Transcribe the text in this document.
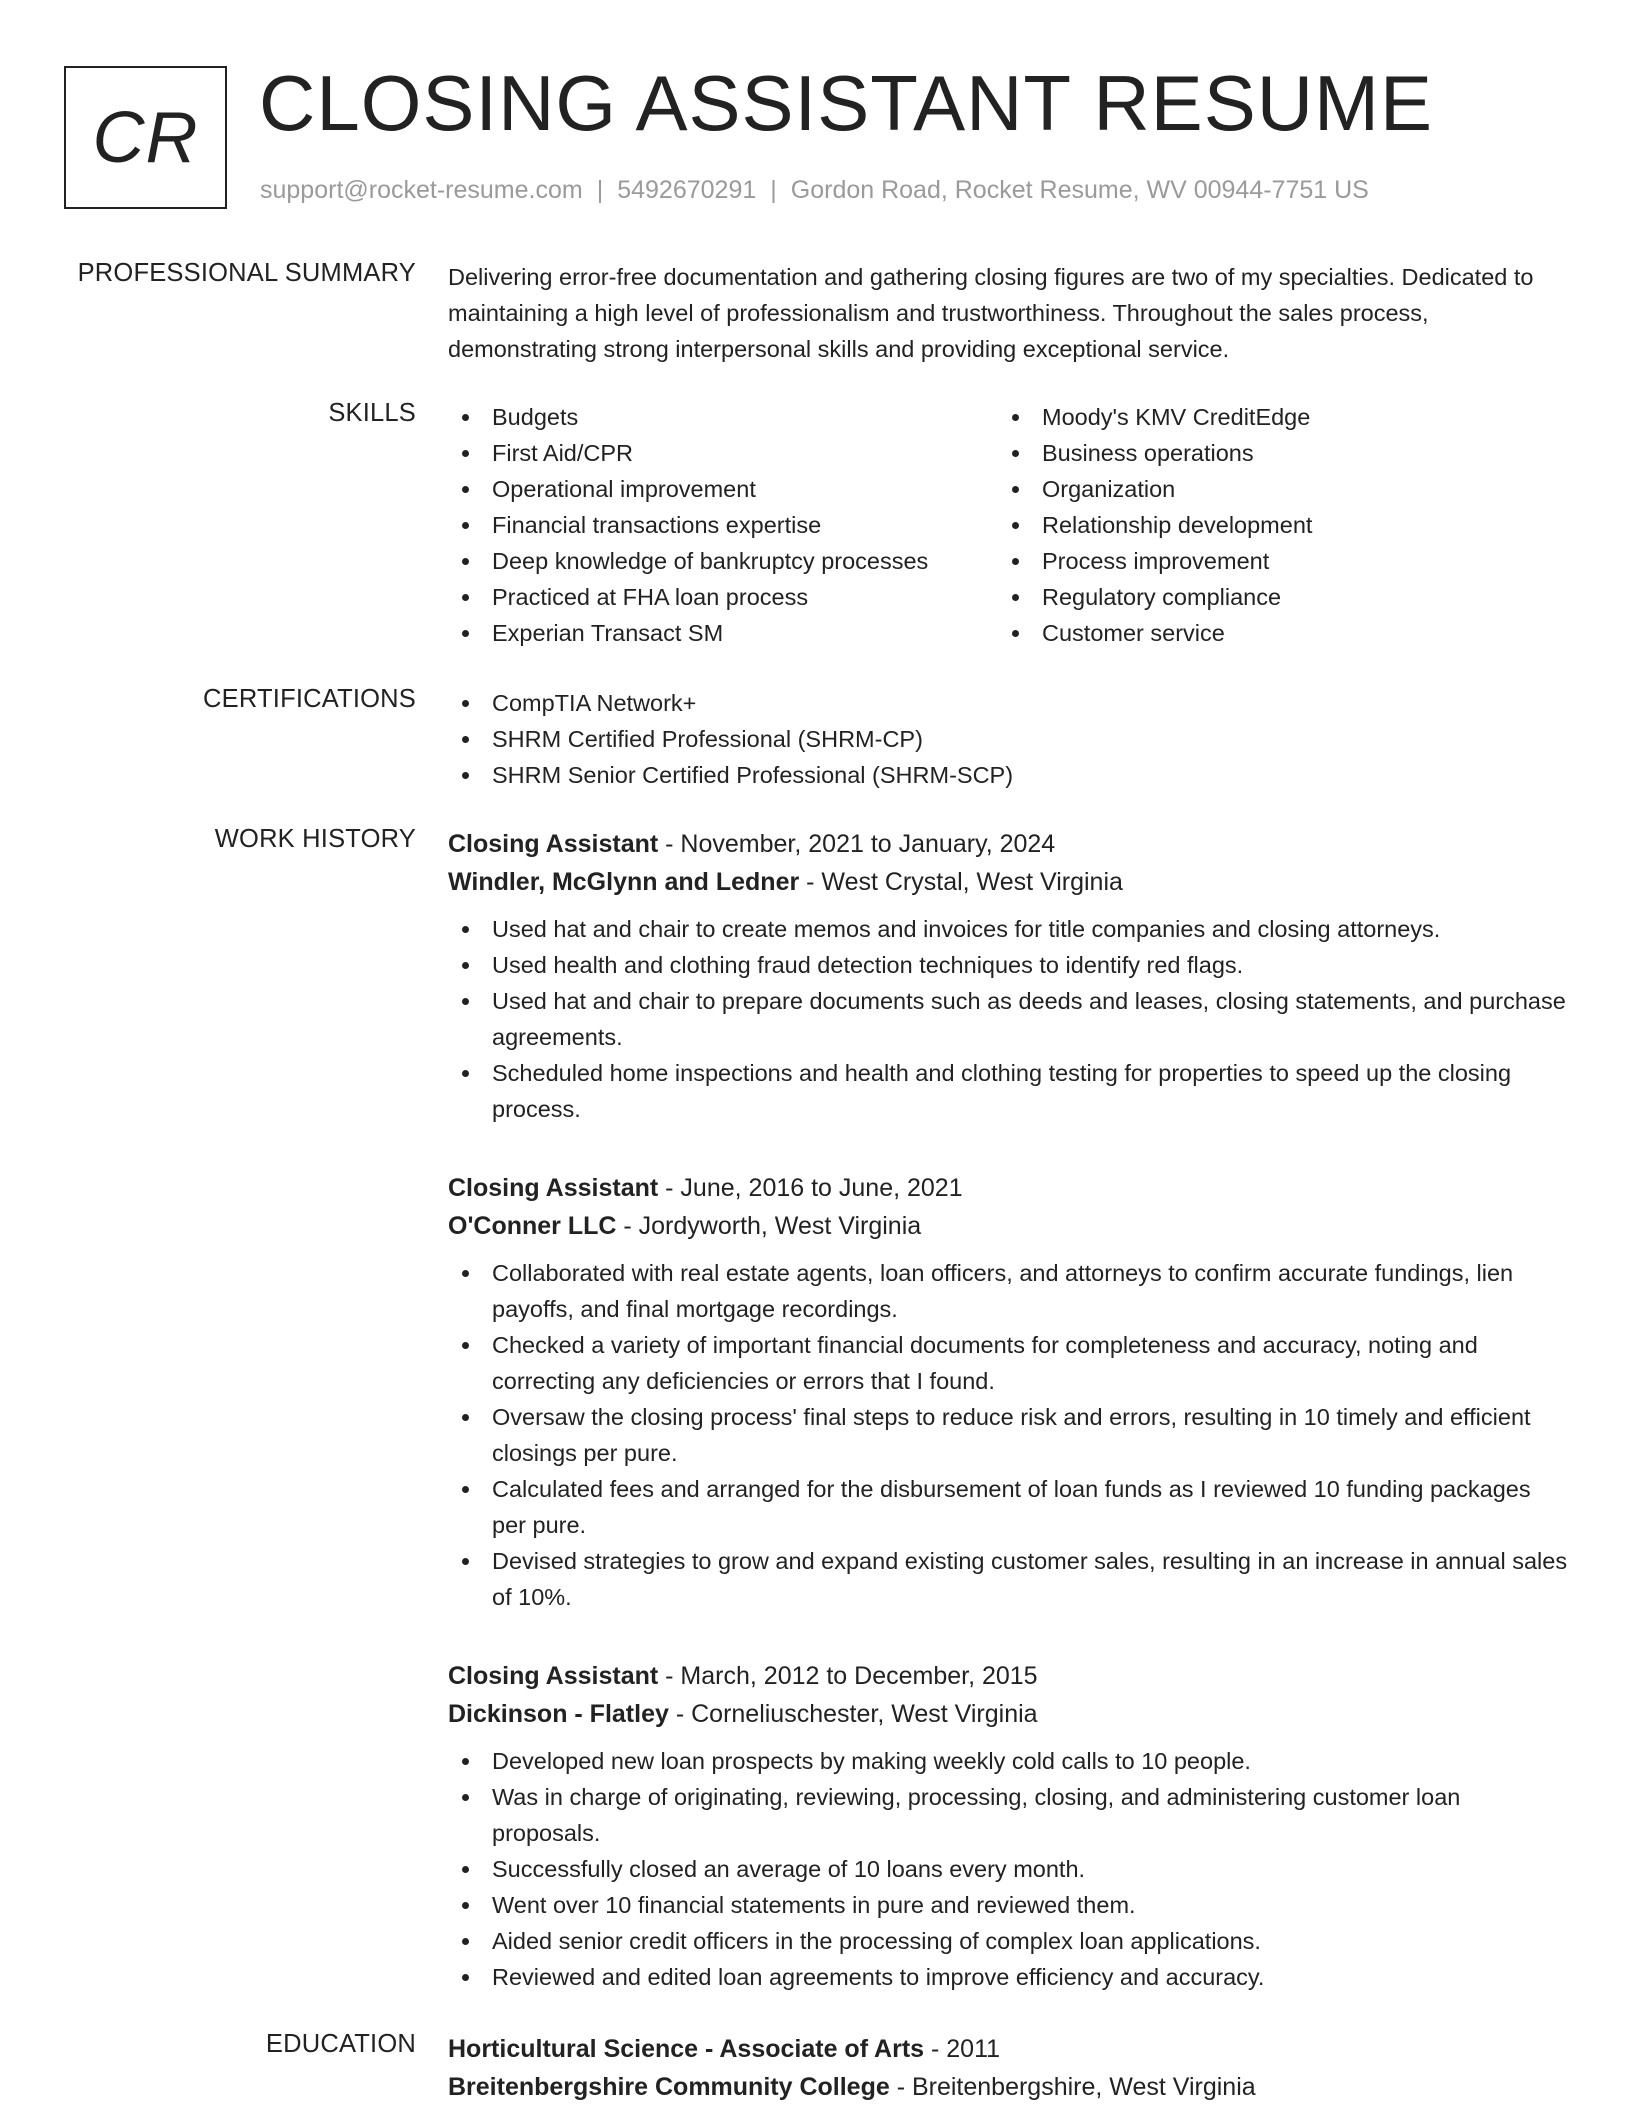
CR CLOSING ASSISTANT RESUME
support@rocket-resume.com | 5492670291 | Gordon Road, Rocket Resume, WV 00944-7751 US
PROFESSIONAL SUMMARY Delivering error-free documentation and gathering closing figures are two of my specialties. Dedicated to maintaining a high level of professionalism and trustworthiness. Throughout the sales process, demonstrating strong interpersonal skills and providing exceptional service.
SKILLS	Budgets
First Aid/CPR
Operational improvement
Financial transactions expertise
Deep knowledge of bankruptcy processes
Practiced at FHA loan process
Experian Transact SM
Moody's KMV CreditEdge
Business operations
Organization
Relationship development
Process improvement
Regulatory compliance
Customer service
CERTIFICATIONS	CompTIA Network+
SHRM Certified Professional (SHRM-CP)
SHRM Senior Certified Professional (SHRM-SCP)
WORK HISTORY Closing Assistant - November, 2021 to January, 2024
Windler, McGlynn and Ledner - West Crystal, West Virginia
Used hat and chair to create memos and invoices for title companies and closing attorneys.
Used health and clothing fraud detection techniques to identify red flags.
Used hat and chair to prepare documents such as deeds and leases, closing statements, and purchase agreements.
Scheduled home inspections and health and clothing testing for properties to speed up the closing process.
Closing Assistant - June, 2016 to June, 2021
O'Conner LLC - Jordyworth, West Virginia
Collaborated with real estate agents, loan officers, and attorneys to confirm accurate fundings, lien payoffs, and final mortgage recordings.
Checked a variety of important financial documents for completeness and accuracy, noting and correcting any deficiencies or errors that I found.
Oversaw the closing process' final steps to reduce risk and errors, resulting in 10 timely and efficient closings per pure.
Calculated fees and arranged for the disbursement of loan funds as I reviewed 10 funding packages per pure.
Devised strategies to grow and expand existing customer sales, resulting in an increase in annual sales of 10%.
Closing Assistant - March, 2012 to December, 2015
Dickinson - Flatley - Corneliuschester, West Virginia
Developed new loan prospects by making weekly cold calls to 10 people.
Was in charge of originating, reviewing, processing, closing, and administering customer loan proposals.
Successfully closed an average of 10 loans every month.
Went over 10 financial statements in pure and reviewed them.
Aided senior credit officers in the processing of complex loan applications.
Reviewed and edited loan agreements to improve efficiency and accuracy.
EDUCATION Horticultural Science - Associate of Arts - 2011
Breitenbergshire Community College - Breitenbergshire, West Virginia
